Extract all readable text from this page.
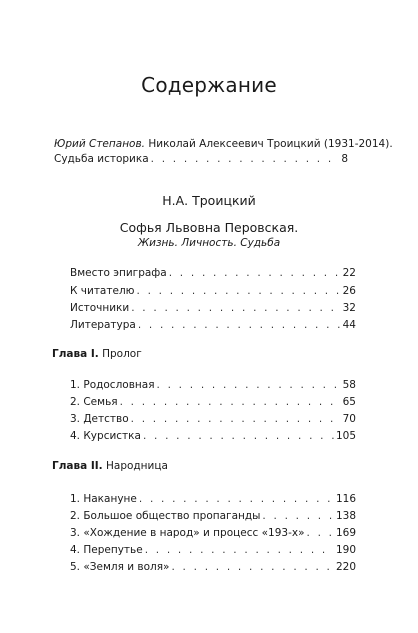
Содержание
Юрий Степанов. Николай Алексеевич Троицкий (1931-2014).
Судьба историка . . .	8
Н.А. Троицкий
Софья Львовна Перовская.
Жизнь. Личность. Судьба
Вместо эпиграфа . . .	22
К читателю . . .	26
Источники . . .	32
Литература . . .	44
Глава I. Пролог
1. Родословная . . .	58
2. Семья . . .	65
3. Детство . . .	70
4. Курсистка . . .	105
Глава II. Народница
1. Накануне . . .	116
2. Большое общество пропаганды . . .	138
3. «Хождение в народ» и процесс «193-х» . . .	169
4. Перепутье . . .	190
5. «Земля и воля» . . .	220
